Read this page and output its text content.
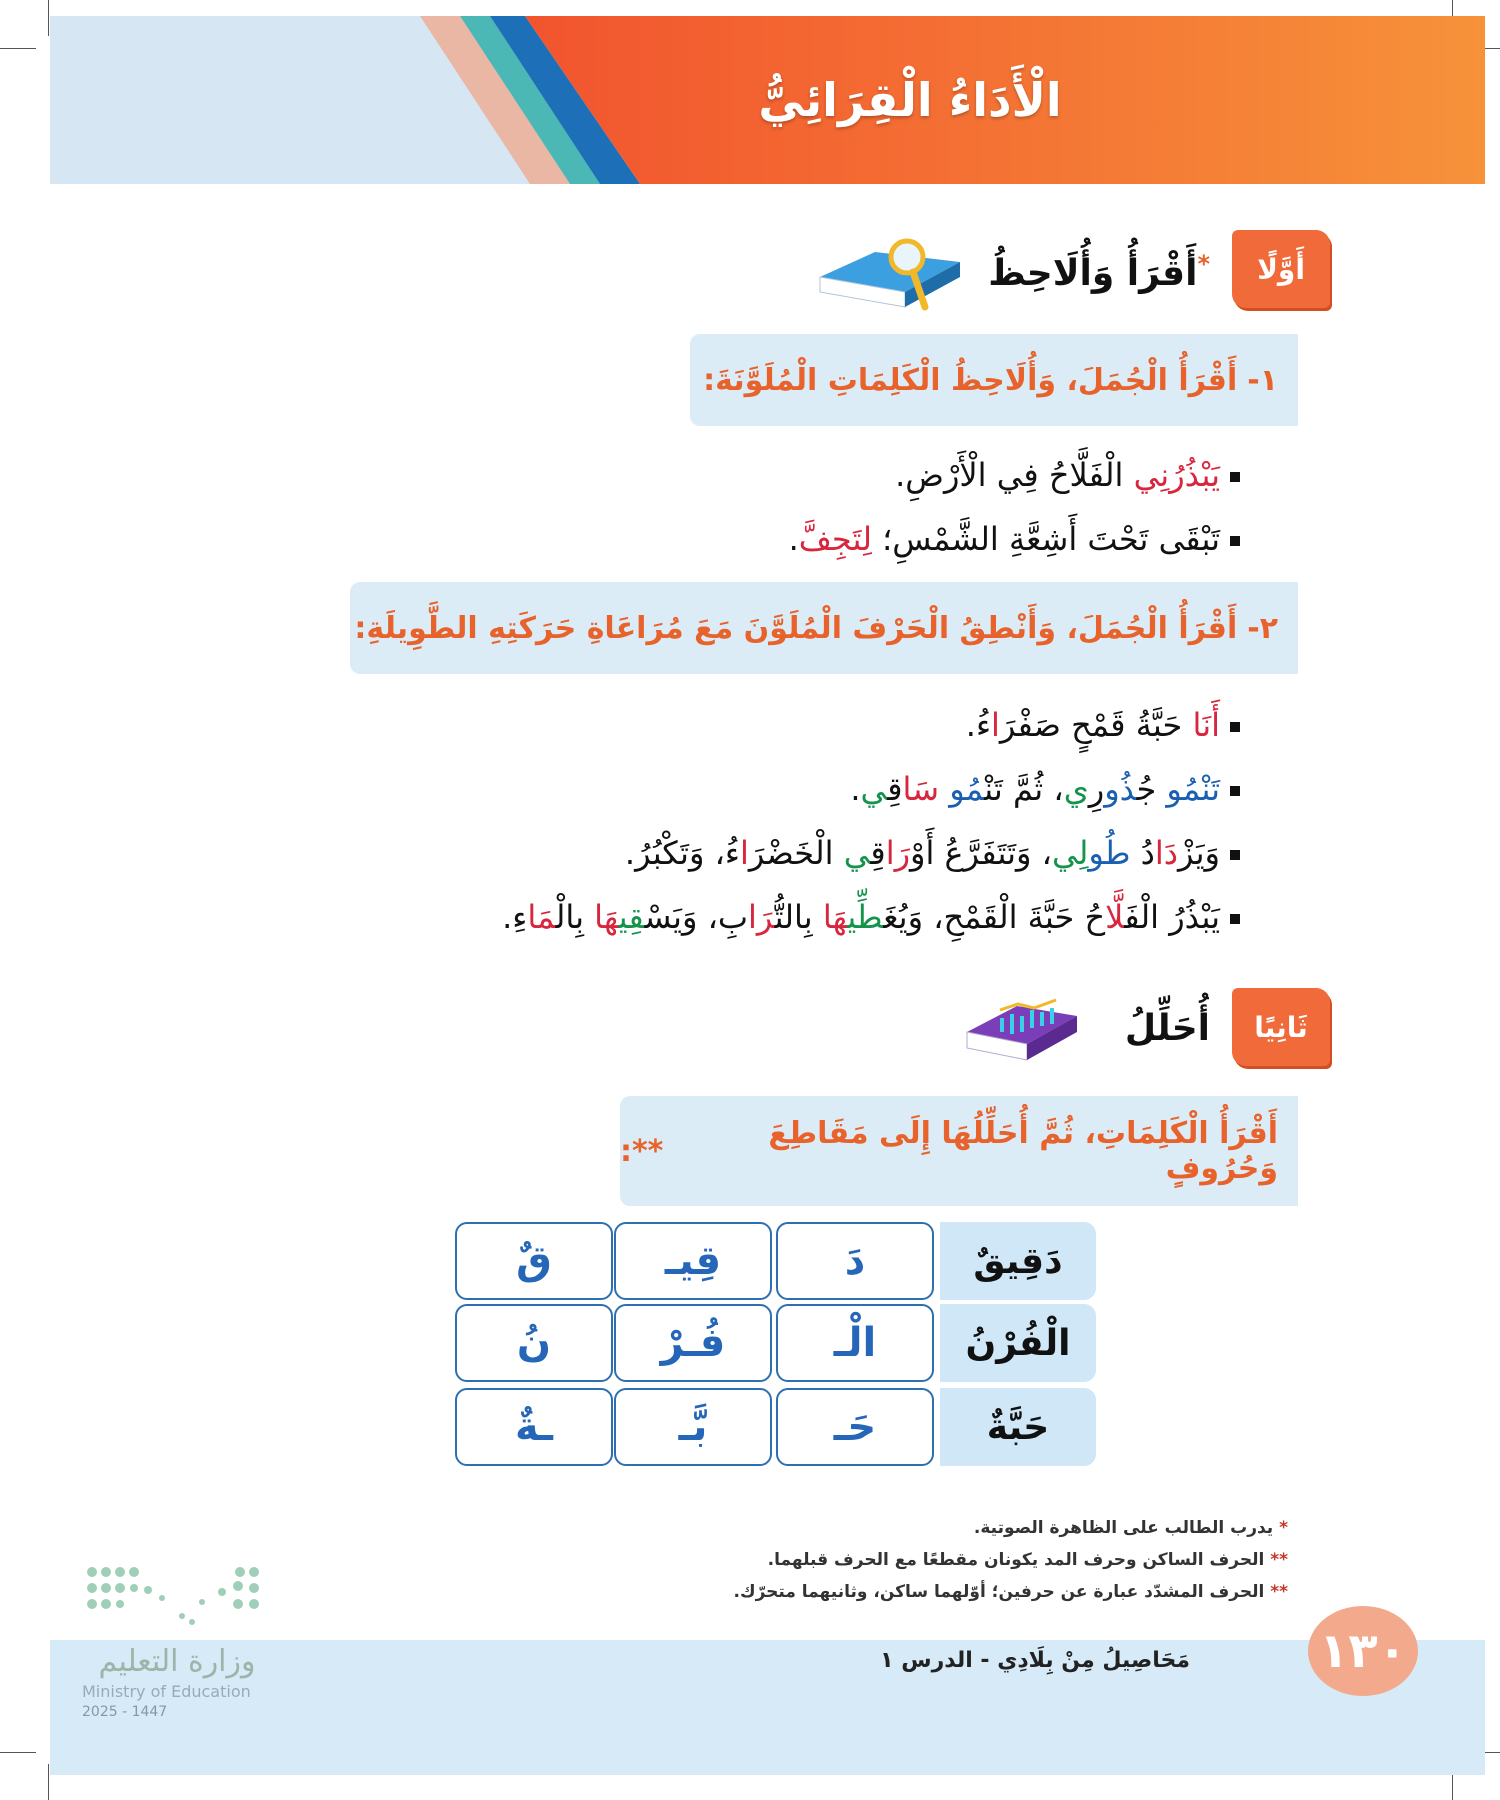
الْأَدَاءُ الْقِرَائِيُّ
أَوَّلًا
*أَقْرَأُ وَأُلَاحِظُ
١-
أَقْرَأُ الْجُمَلَ، وَأُلَاحِظُ الْكَلِمَاتِ الْمُلَوَّنَةَ:
يَبْذُرُنِي الْفَلَّاحُ فِي الْأَرْضِ.
تَبْقَى تَحْتَ أَشِعَّةِ الشَّمْسِ؛ لِتَجِفَّ.
٢-
أَقْرَأُ الْجُمَلَ، وَأَنْطِقُ الْحَرْفَ الْمُلَوَّنَ مَعَ مُرَاعَاةِ حَرَكَتِهِ الطَّوِيلَةِ:
أَنَا حَبَّةُ قَمْحٍ صَفْرَاءُ.
تَنْمُو جُذُورِي، ثُمَّ تَنْمُو سَاقِي.
وَيَزْدَادُ طُولِي، وَتَتَفَرَّعُ أَوْرَاقِي الْخَضْرَاءُ، وَتَكْبُرُ.
يَبْذُرُ الْفَلَّاحُ حَبَّةَ الْقَمْحِ، وَيُغَطِّيهَا بِالتُّرَابِ، وَيَسْقِيهَا بِالْمَاءِ.
ثَانِيًا
أُحَلِّلُ
أَقْرَأُ الْكَلِمَاتِ، ثُمَّ أُحَلِّلُهَا إِلَى مَقَاطِعَ وَحُرُوفٍ
**:
دَقِيقٌ
دَ
قِيـ
قٌ
الْفُرْنُ
الْـ
فُـرْ
نُ
حَبَّةٌ
حَـ
بَّـ
ـةٌ
* يدرب الطالب على الظاهرة الصوتية.
** الحرف الساكن وحرف المد يكونان مقطعًا مع الحرف قبلهما.
** الحرف المشدّد عبارة عن حرفين؛ أوّلهما ساكن، وثانيهما متحرّك.
١٣٠
مَحَاصِيلُ مِنْ بِلَادِي - الدرس ١
وزارة التعليم
Ministry of Education
2025 - 1447
